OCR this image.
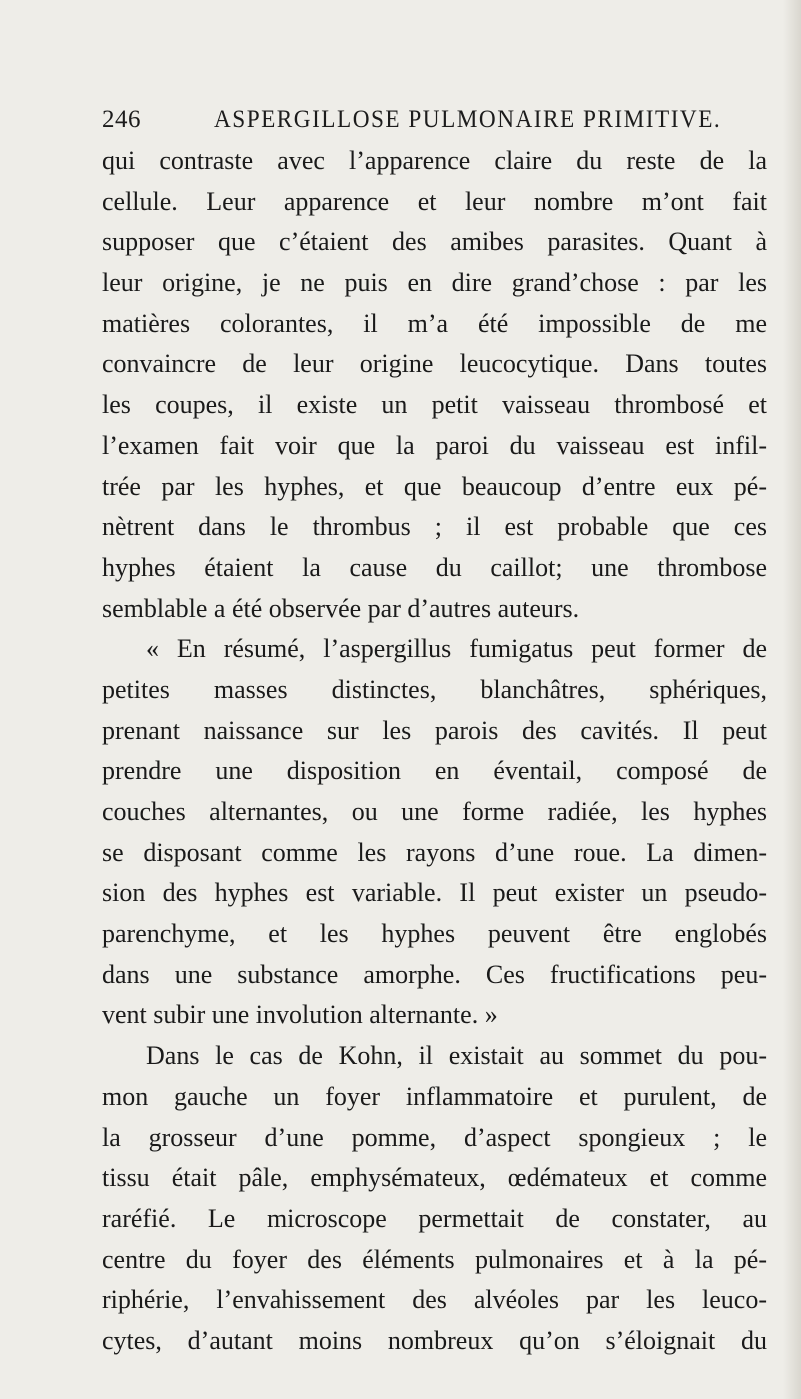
246	ASPERGILLOSE PULMONAIRE PRIMITIVE.
qui contraste avec l’apparence claire du reste de la
cellule. Leur apparence et leur nombre m’ont fait
supposer que c’étaient des amibes parasites. Quant à
leur origine, je ne puis en dire grand’chose : par les
matières colorantes, il m’a été impossible de me
convaincre de leur origine leucocytique. Dans toutes
les coupes, il existe un petit vaisseau thrombosé et
l’examen fait voir que la paroi du vaisseau est infil-
trée par les hyphes, et que beaucoup d’entre eux pé-
nètrent dans le thrombus ; il est probable que ces
hyphes étaient la cause du caillot; une thrombose
semblable a été observée par d’autres auteurs.
« En résumé, l’aspergillus fumigatus peut former de
petites masses distinctes, blanchâtres, sphériques,
prenant naissance sur les parois des cavités. Il peut
prendre une disposition en éventail, composé de
couches alternantes, ou une forme radiée, les hyphes
se disposant comme les rayons d’une roue. La dimen-
sion des hyphes est variable. Il peut exister un pseudo-
parenchyme, et les hyphes peuvent être englobés
dans une substance amorphe. Ces fructifications peu-
vent subir une involution alternante. »
Dans le cas de Kohn, il existait au sommet du pou-
mon gauche un foyer inflammatoire et purulent, de
la grosseur d’une pomme, d’aspect spongieux ; le
tissu était pâle, emphysémateux, œdémateux et comme
raréfié. Le microscope permettait de constater, au
centre du foyer des éléments pulmonaires et à la pé-
riphérie, l’envahissement des alvéoles par les leuco-
cytes, d’autant moins nombreux qu’on s’éloignait du
